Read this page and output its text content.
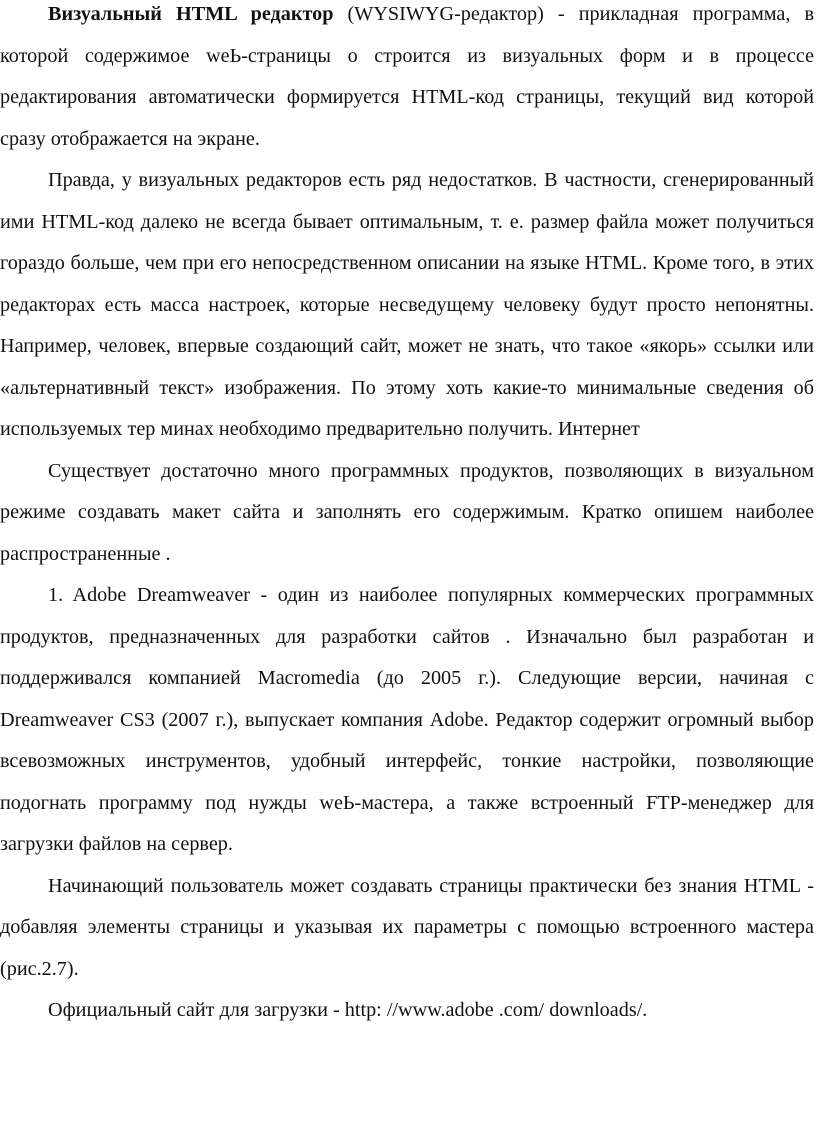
Визуальный HTML редактор (WYSIWYG-редактор) - прикладная программа, в которой содержимое weЬ-страницы о строится из визуальных форм и в процессе редактирования автоматически формируется HTML-код страницы, текущий вид которой сразу отображается на экране.

Правда, у визуальных редакторов есть ряд недостатков. В частности, сгенерированный ими HTML-код далеко не всегда бывает оптимальным, т. е. размер файла может получиться гораздо больше, чем при его непосредственном описании на языке HTML. Кроме того, в этих редакторах есть масса настроек, которые несведущему человеку будут просто непонятны. Например, человек, впервые создающий сайт, может не знать, что такое «якорь» ссылки или «альтернативный текст» изображения. По этому хоть какие-то минимальные сведения об используемых тер минах необходимо предварительно получить. Интернет

Существует достаточно много программных продуктов, позволяющих в визуальном режиме создавать макет сайта и заполнять его содержимым. Кратко опишем наиболее распространенные .

1. Adobe Dreamweaver - один из наиболее популярных коммерческих программных продуктов, предназначенных для разработки сайтов . Изначально был разработан и поддерживался компанией Macromedia (до 2005 г.). Следующие версии, начиная с Dreamweaver CS3 (2007 г.), выпускает компания Adobe. Редактор содержит огромный выбор всевозможных инструментов, удобный интерфейс, тонкие настройки, позволяющие подогнать программу под нужды weЬ-мастера, а также встроенный FTP-менеджер для загрузки файлов на сервер.

Начинающий пользователь может создавать страницы практически без знания HTML - добавляя элементы страницы и указывая их параметры с помощью встроенного мастера (рис.2.7).

Официальный сайт для загрузки - http: //www.adobe .com/ downloads/.
